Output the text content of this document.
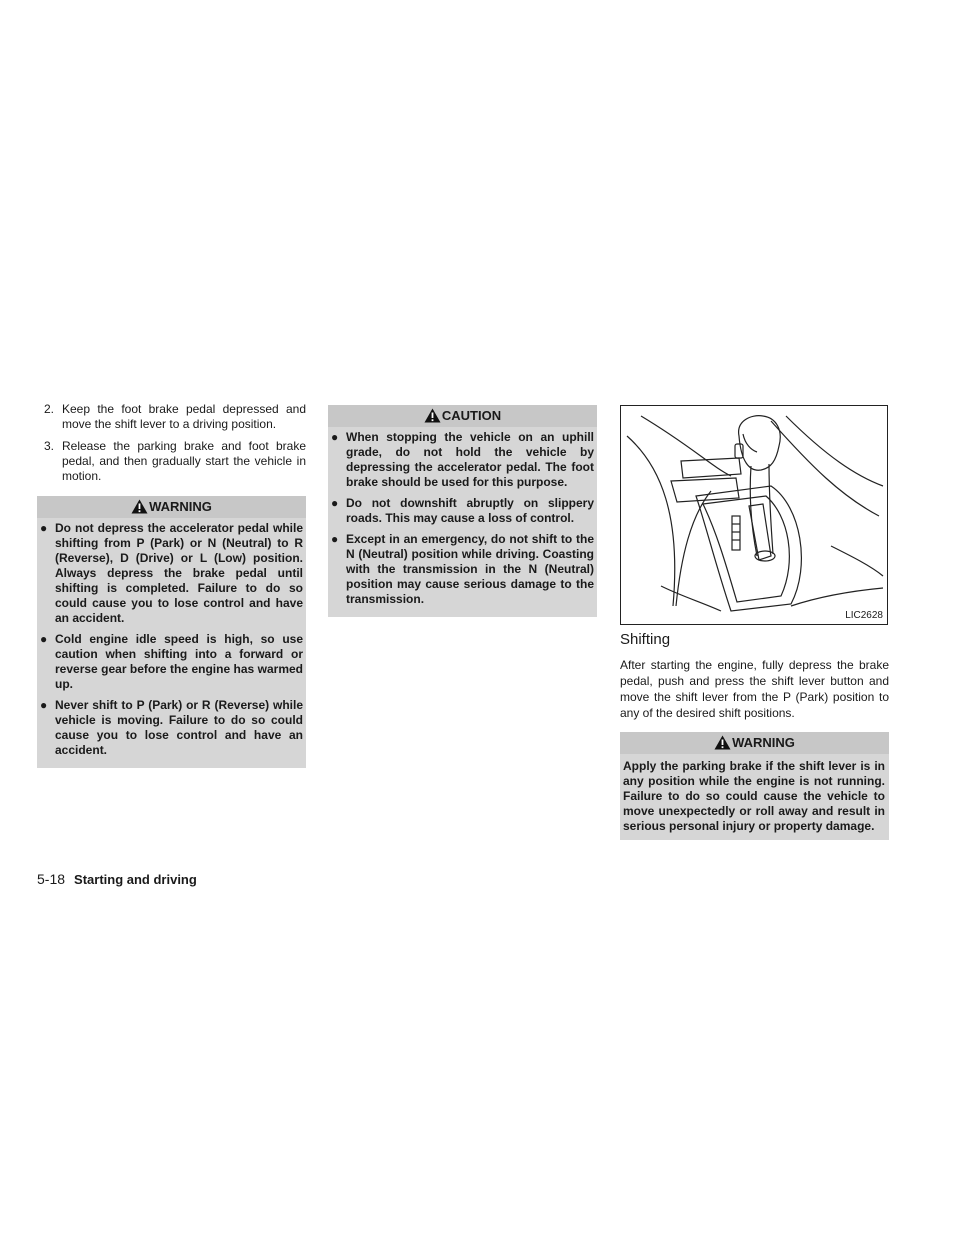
2. Keep the foot brake pedal depressed and move the shift lever to a driving position.
3. Release the parking brake and foot brake pedal, and then gradually start the vehicle in motion.
WARNING
● Do not depress the accelerator pedal while shifting from P (Park) or N (Neutral) to R (Reverse), D (Drive) or L (Low) position. Always depress the brake pedal until shifting is completed. Failure to do so could cause you to lose control and have an accident.
● Cold engine idle speed is high, so use caution when shifting into a forward or reverse gear before the engine has warmed up.
● Never shift to P (Park) or R (Reverse) while vehicle is moving. Failure to do so could cause you to lose control and have an accident.
CAUTION
● When stopping the vehicle on an uphill grade, do not hold the vehicle by depressing the accelerator pedal. The foot brake should be used for this purpose.
● Do not downshift abruptly on slippery roads. This may cause a loss of control.
● Except in an emergency, do not shift to the N (Neutral) position while driving. Coasting with the transmission in the N (Neutral) position may cause serious damage to the transmission.
LIC2628
Shifting

After starting the engine, fully depress the brake pedal, push and press the shift lever button and move the shift lever from the P (Park) position to any of the desired shift positions.

WARNING
Apply the parking brake if the shift lever is in any position while the engine is not running. Failure to do so could cause the vehicle to move unexpectedly or roll away and result in serious personal injury or property damage.
5-18 Starting and driving
